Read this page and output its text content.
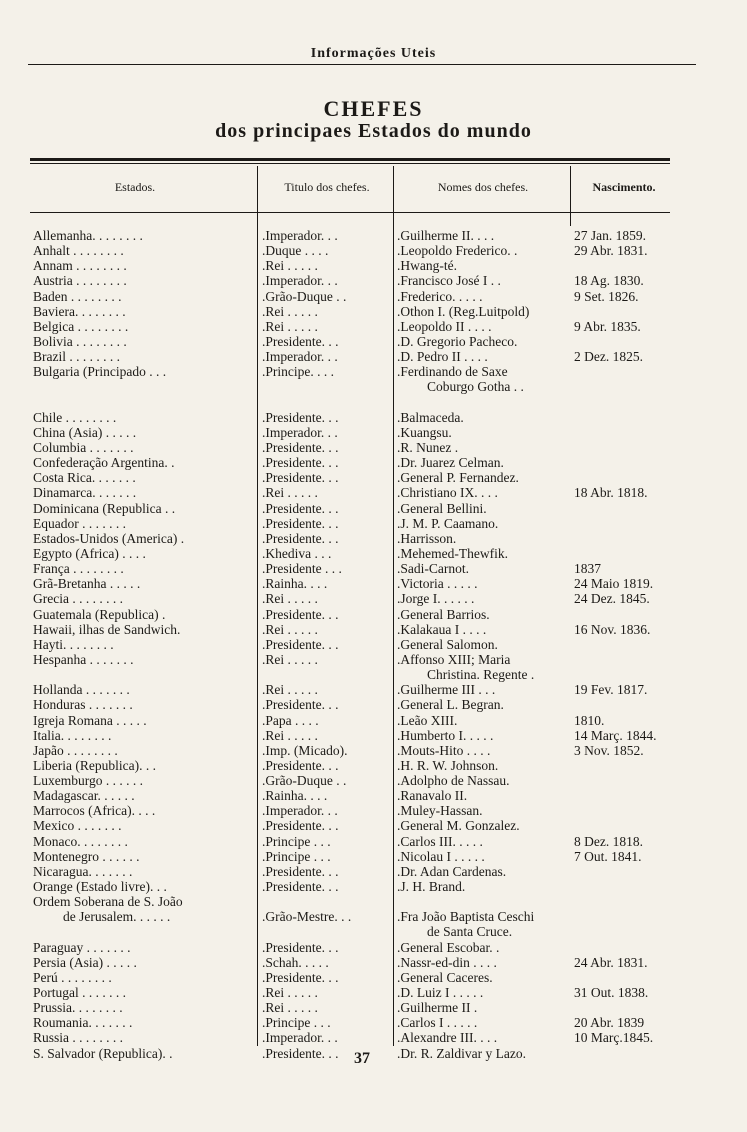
Informações Uteis
CHEFES
dos principaes Estados do mundo
Estados.	Titulo dos chefes.	Nomes dos chefes.	Nascimento.
Allemanha. . . . . . . .	.Imperador. . .	.Guilherme II. . . .	27 Jan. 1859.
Anhalt . . . . . . . .	.Duque . . . .	.Leopoldo Frederico. .	29 Abr. 1831.
Annam . . . . . . . .	.Rei . . . . .	.Hwang-té.
Austria . . . . . . . .	.Imperador. . .	.Francisco José I . .	18 Ag. 1830.
Baden . . . . . . . .	.Grão-Duque . .	.Frederico. . . . .	9 Set. 1826.
Baviera. . . . . . . .	.Rei . . . . .	.Othon I. (Reg.Luitpold)
Belgica . . . . . . . .	.Rei . . . . .	.Leopoldo II . . . .	9 Abr. 1835.
Bolivia . . . . . . . .	.Presidente. . .	.D. Gregorio Pacheco.
Brazil . . . . . . . .	.Imperador. . .	.D. Pedro II . . . .	2 Dez. 1825.
Bulgaria (Principado . . .	.Principe. . . .	.Ferdinando de Saxe
Coburgo Gotha . .
Chile . . . . . . . .	.Presidente. . .	.Balmaceda.
China (Asia) . . . . .	.Imperador. . .	.Kuangsu.
Columbia . . . . . . .	.Presidente. . .	.R. Nunez .
Confederação Argentina. .	.Presidente. . .	.Dr. Juarez Celman.
Costa Rica. . . . . . .	.Presidente. . .	.General P. Fernandez.
Dinamarca. . . . . . .	.Rei . . . . .	.Christiano IX. . . .	18 Abr. 1818.
Dominicana (Republica . .	.Presidente. . .	.General Bellini.
Equador . . . . . . .	.Presidente. . .	.J. M. P. Caamano.
Estados-Unidos (America) .	.Presidente. . .	.Harrisson.
Egypto (Africa) . . . .	.Khediva . . .	.Mehemed-Thewfik.
França . . . . . . . .	.Presidente . . .	.Sadi-Carnot.	1837
Grã-Bretanha . . . . .	.Rainha. . . .	.Victoria . . . . .	24 Maio 1819.
Grecia . . . . . . . .	.Rei . . . . .	.Jorge I. . . . . .	24 Dez. 1845.
Guatemala (Republica) .	.Presidente. . .	.General Barrios.
Hawaii, ilhas de Sandwich.	.Rei . . . . .	.Kalakaua I . . . .	16 Nov. 1836.
Hayti. . . . . . . .	.Presidente. . .	.General Salomon.
Hespanha . . . . . . .	.Rei . . . . .	.Affonso XIII; Maria
Christina. Regente .
Hollanda . . . . . . .	.Rei . . . . .	.Guilherme III . . .	19 Fev. 1817.
Honduras . . . . . . .	.Presidente. . .	.General L. Begran.
Igreja Romana . . . . .	.Papa . . . .	.Leão XIII.	1810.
Italia. . . . . . . .	.Rei . . . . .	.Humberto I. . . . .	14 Març. 1844.
Japão . . . . . . . .	.Imp. (Micado).	.Mouts-Hito . . . .	3 Nov. 1852.
Liberia (Republica). . .	.Presidente. . .	.H. R. W. Johnson.
Luxemburgo . . . . . .	.Grão-Duque . .	.Adolpho de Nassau.
Madagascar. . . . . .	.Rainha. . . .	.Ranavalo II.
Marrocos (Africa). . . .	.Imperador. . .	.Muley-Hassan.
Mexico . . . . . . .	.Presidente. . .	.General M. Gonzalez.
Monaco. . . . . . . .	.Principe . . .	.Carlos III. . . . .	8 Dez. 1818.
Montenegro . . . . . .	.Principe . . .	.Nicolau I . . . . .	7 Out. 1841.
Nicaragua. . . . . . .	.Presidente. . .	.Dr. Adan Cardenas.
Orange (Estado livre). . .	.Presidente. . .	.J. H. Brand.
Ordem Soberana de S. João
de Jerusalem. . . . . .	.Grão-Mestre. . .	.Fra João Baptista Ceschi
de Santa Cruce.
Paraguay . . . . . . .	.Presidente. . .	.General Escobar. .
Persia (Asia) . . . . .	.Schah. . . . .	.Nassr-ed-din . . . .	24 Abr. 1831.
Perú . . . . . . . .	.Presidente. . .	.General Caceres.
Portugal . . . . . . .	.Rei . . . . .	.D. Luiz I . . . . .	31 Out. 1838.
Prussia. . . . . . . .	.Rei . . . . .	.Guilherme II .
Roumania. . . . . . .	.Principe . . .	.Carlos I . . . . .	20 Abr. 1839
Russia . . . . . . . .	.Imperador. . .	.Alexandre III. . . .	10 Març.1845.
S. Salvador (Republica). .	.Presidente. . .	.Dr. R. Zaldivar y Lazo.
37
